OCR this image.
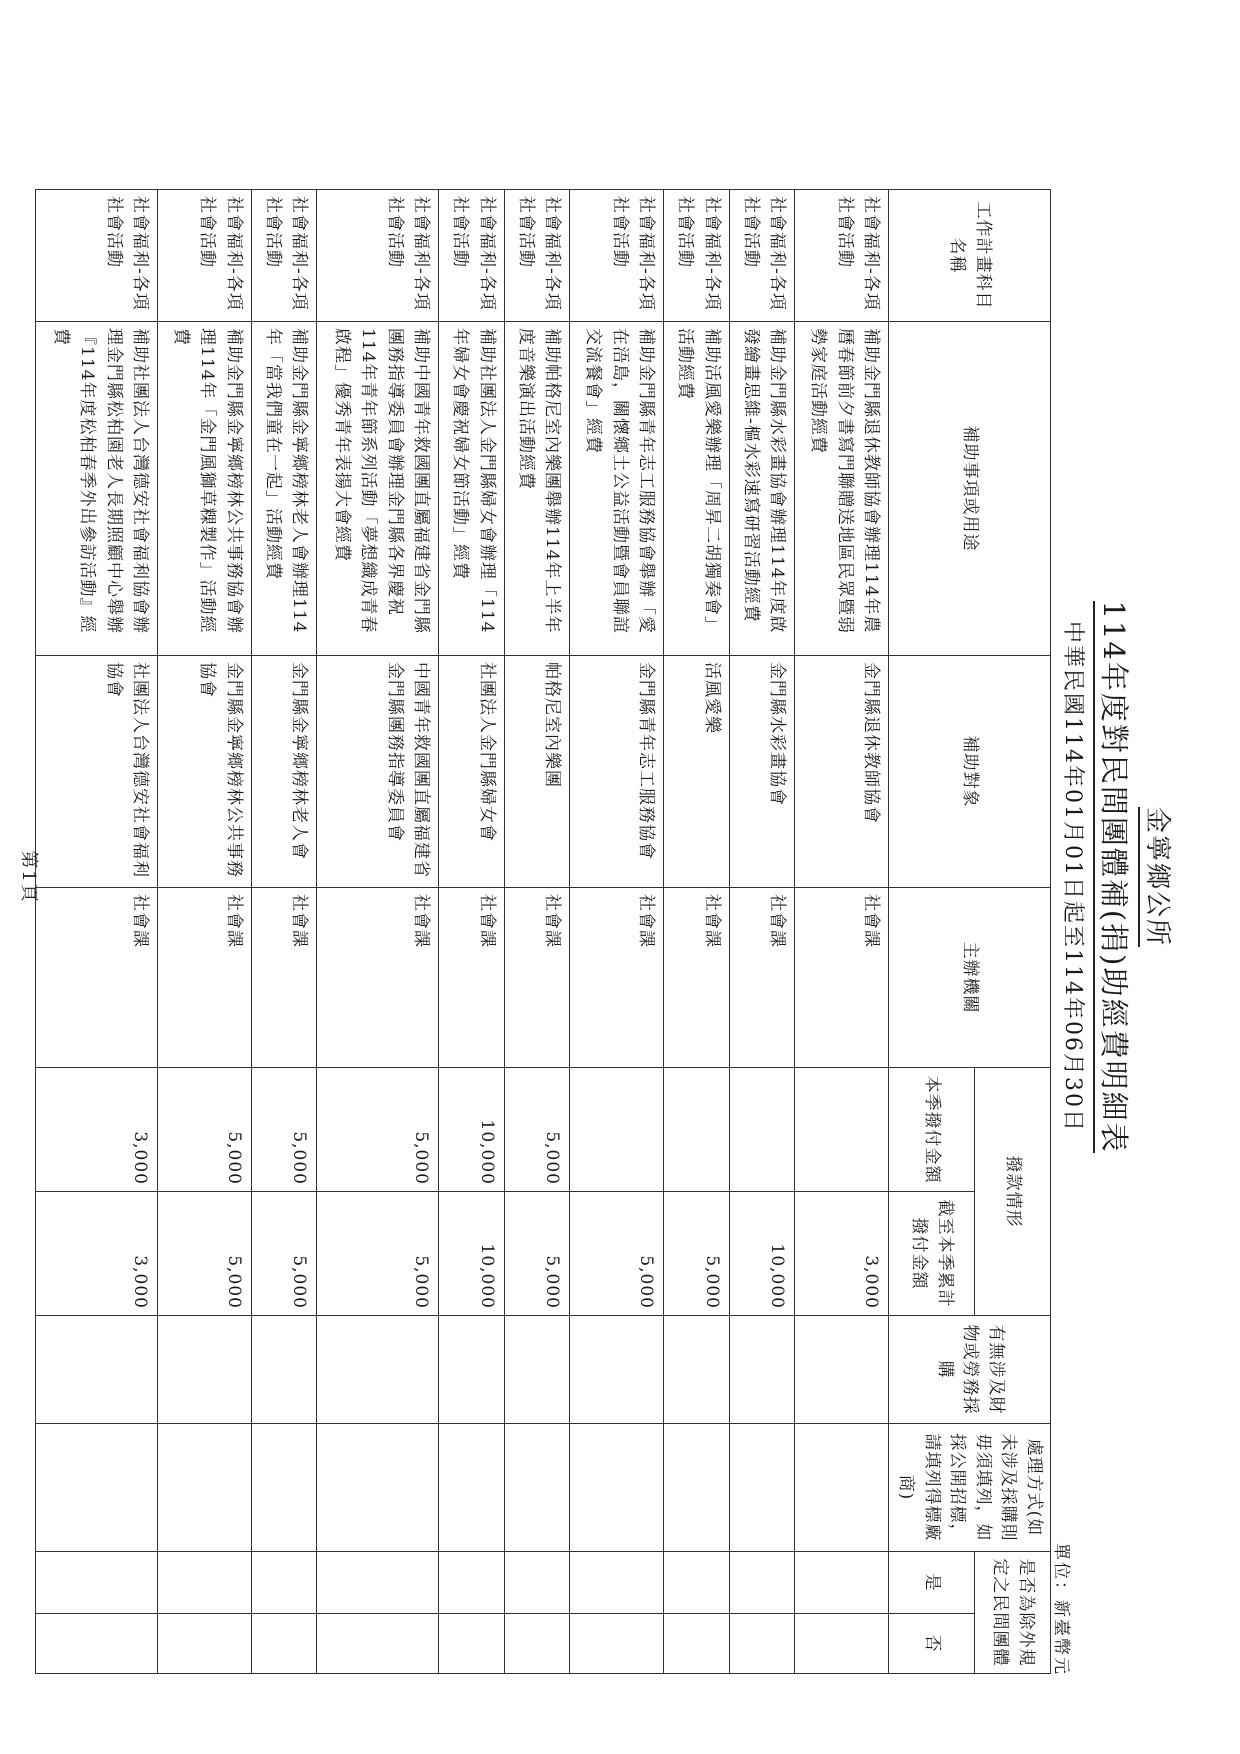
金寧鄉公所
114年度對民間團體補(捐)助經費明細表
中華民國114年01月01日起至114年06月30日
單位：新臺幣元
工作計畫科目名稱	補助事項或用途	補助對象	主辦機關	撥款情形		有無涉及財物或勞務採購	處理方式(如未涉及採購則毋須填列，如採公開招標，請填列得標廠商)	是否為除外規定之民間團體	
				本季撥付金額	截至本季累計撥付金額			是	否
社會福利-各項社會活動	補助金門縣退休教師協會辦理114年農曆春節前夕書寫門聯贈送地區民眾暨弱勢家庭活動經費	金門縣退休教師協會	社會課		3,000				
社會福利-各項社會活動	補助金門縣水彩畫協會辦理114年度啟發繪畫思維-樞水彩速寫研習活動經費	金門縣水彩畫協會	社會課		10,000				
社會福利-各項社會活動	補助活風愛樂辦理「周昇二胡獨奏會」活動經費	活風愛樂	社會課		5,000				
社會福利-各項社會活動	補助金門縣青年志工服務協會舉辦「愛在浯島，關懷鄉土公益活動暨會員聯誼交流餐會」經費	金門縣青年志工服務協會	社會課		5,000				
社會福利-各項社會活動	補助帕格尼室內樂團舉辦114年上半年度音樂演出活動經費	帕格尼室內樂團	社會課	5,000	5,000				
社會福利-各項社會活動	補助社團法人金門縣婦女會辦理「114年婦女會慶祝婦女節活動」經費	社團法人金門縣婦女會	社會課	10,000	10,000				
社會福利-各項社會活動	補助中國青年救國團直屬福建省金門縣團務指導委員會辦理金門縣各界慶祝114年青年節系列活動「夢想織成青春啟程」優秀青年表揚大會經費	中國青年救國團直屬福建省金門縣團務指導委員會	社會課	5,000	5,000				
社會福利-各項社會活動	補助金門縣金寧鄉榜林老人會辦理114年「當我們童在一起」活動經費	金門縣金寧鄉榜林老人會	社會課	5,000	5,000				
社會福利-各項社會活動	補助金門縣金寧鄉榜林公共事務協會辦理114年「金門風獅草粿製作」活動經費	金門縣金寧鄉榜林公共事務協會	社會課	5,000	5,000				
社會福利-各項社會活動	補助社團法人台灣德安社會福利協會辦理金門縣松柏園老人長期照顧中心舉辦『114年度松柏春季外出參訪活動』經費	社團法人台灣德安社會福利協會	社會課	3,000	3,000				
第1頁
